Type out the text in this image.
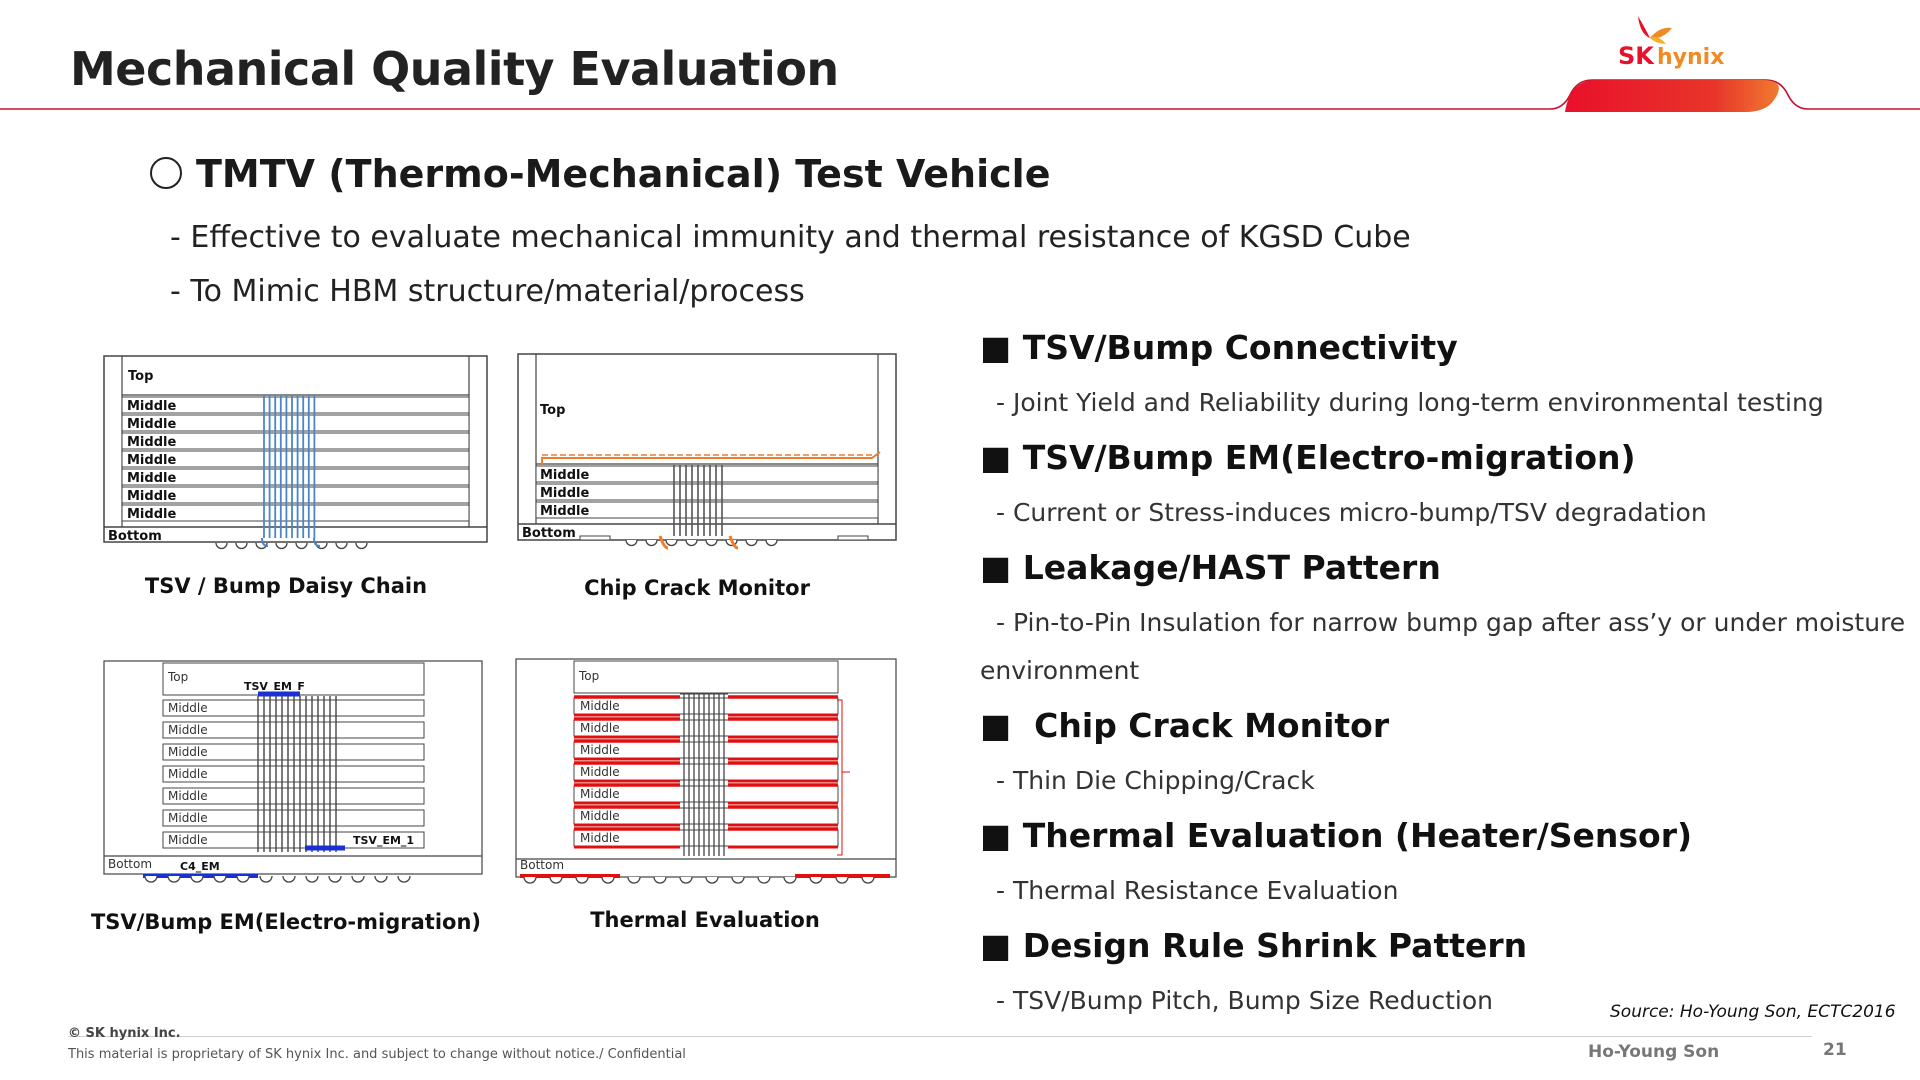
Mechanical Quality Evaluation	SK hynix
TMTV (Thermo-Mechanical) Test Vehicle
- Effective to evaluate mechanical immunity and thermal resistance of KGSD Cube
- To Mimic HBM structure/material/process
Top
Middle
Middle
Middle
Middle
Middle
Middle
Middle
Bottom
TSV / Bump Daisy Chain
Top
Middle
Middle
Middle
Bottom
Chip Crack Monitor
Top
TSV_EM_F
Middle
Middle
Middle
Middle
Middle
Middle
Middle	TSV_EM_1
Bottom	C4_EM
TSV/Bump EM(Electro-migration)
Top
Middle
Middle
Middle
Middle
Middle
Middle
Middle
Bottom
Thermal Evaluation
■ TSV/Bump Connectivity
- Joint Yield and Reliability during long-term environmental testing
■ TSV/Bump EM(Electro-migration)
- Current or Stress-induces micro-bump/TSV degradation
■ Leakage/HAST Pattern
- Pin-to-Pin Insulation for narrow bump gap after ass’y or under moisture
environment
■  Chip Crack Monitor
- Thin Die Chipping/Crack
■ Thermal Evaluation (Heater/Sensor)
- Thermal Resistance Evaluation
■ Design Rule Shrink Pattern
- TSV/Bump Pitch, Bump Size Reduction	Source: Ho-Young Son, ECTC2016
© SK hynix Inc.
This material is proprietary of SK hynix Inc. and subject to change without notice./ Confidential	Ho-Young Son	21
